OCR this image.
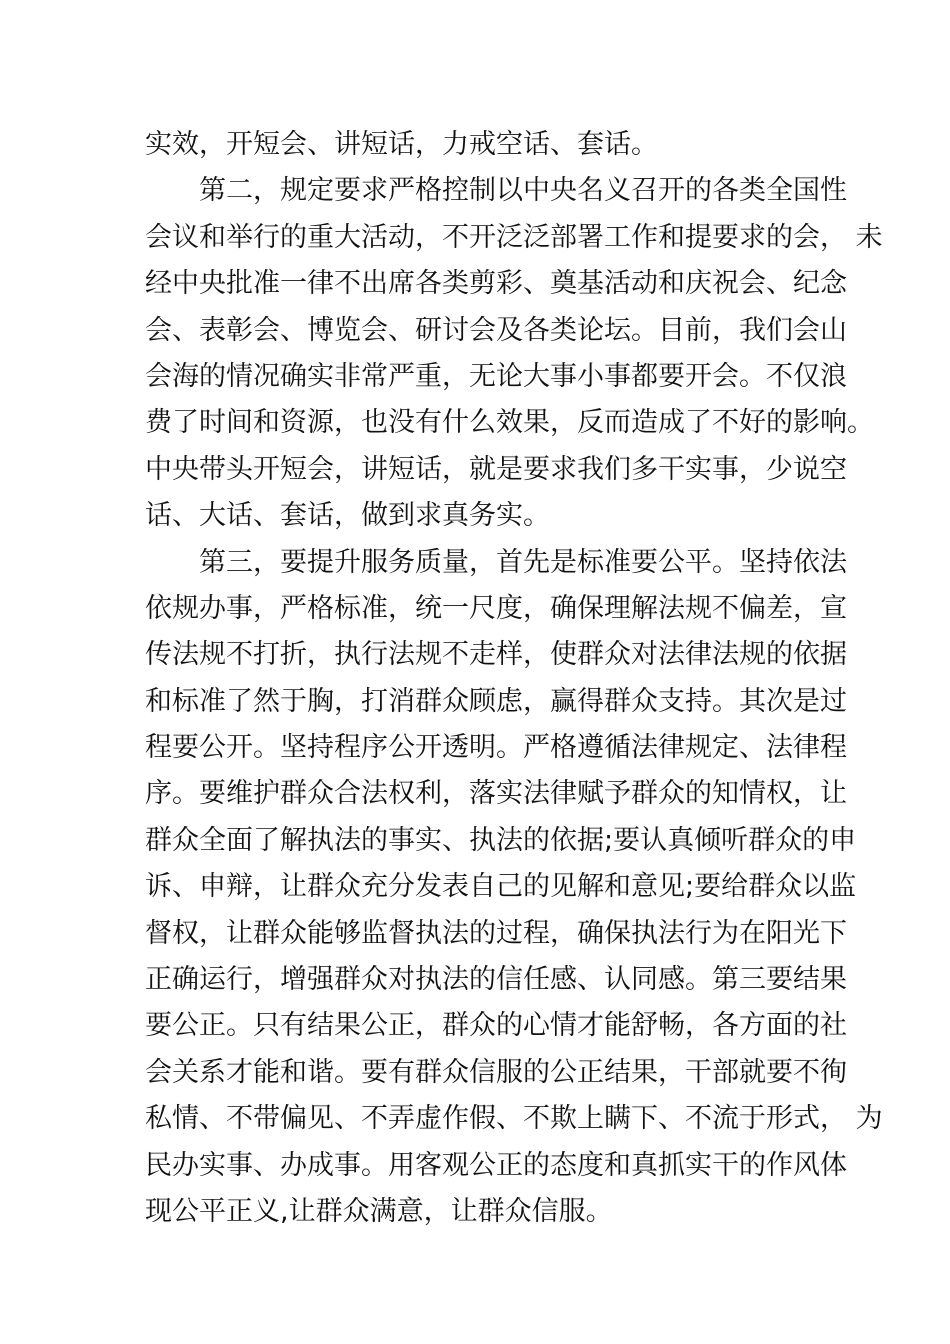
实效，开短会、讲短话，力戒空话、套话。
第二，规定要求严格控制以中央名义召开的各类全国性
会议和举行的重大活动，不开泛泛部署工作和提要求的会， 未
经中央批准一律不出席各类剪彩、奠基活动和庆祝会、纪念
会、表彰会、博览会、研讨会及各类论坛。目前，我们会山
会海的情况确实非常严重，无论大事小事都要开会。不仅浪
费了时间和资源，也没有什么效果，反而造成了不好的影响。
中央带头开短会，讲短话，就是要求我们多干实事，少说空
话、大话、套话，做到求真务实。
第三，要提升服务质量，首先是标准要公平。坚持依法
依规办事，严格标准，统一尺度，确保理解法规不偏差，宣
传法规不打折，执行法规不走样，使群众对法律法规的依据
和标准了然于胸，打消群众顾虑，赢得群众支持。其次是过
程要公开。坚持程序公开透明。严格遵循法律规定、法律程
序。要维护群众合法权利，落实法律赋予群众的知情权，让
群众全面了解执法的事实、执法的依据;要认真倾听群众的申
诉、申辩，让群众充分发表自己的见解和意见;要给群众以监
督权，让群众能够监督执法的过程，确保执法行为在阳光下
正确运行，增强群众对执法的信任感、认同感。第三要结果
要公正。只有结果公正，群众的心情才能舒畅，各方面的社
会关系才能和谐。要有群众信服的公正结果，干部就要不徇
私情、不带偏见、不弄虚作假、不欺上瞒下、不流于形式， 为
民办实事、办成事。用客观公正的态度和真抓实干的作风体
现公平正义,让群众满意，让群众信服。
